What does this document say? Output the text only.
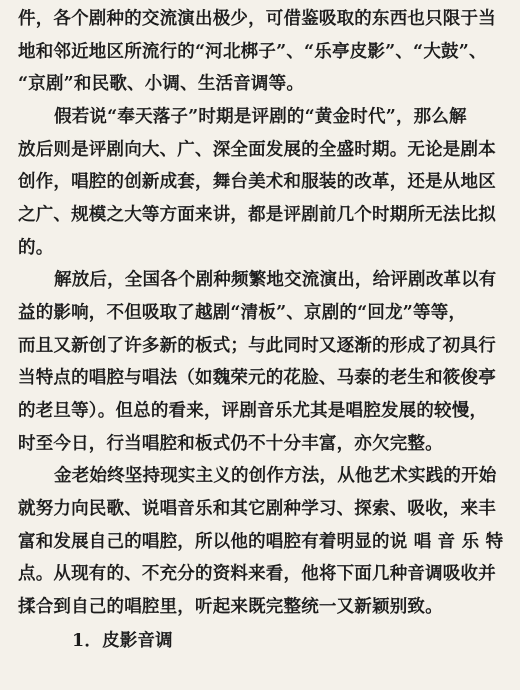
件，各个剧种的交流演出极少，可借鉴吸取的东西也只限于当
地和邻近地区所流行的“河北梆子”、“乐亭皮影”、“大鼓”、
“京剧”和民歌、小调、生活音调等。
假若说“奉天落子”时期是评剧的“黄金时代”，那么解
放后则是评剧向大、广、深全面发展的全盛时期。无论是剧本
创作，唱腔的创新成套，舞台美术和服装的改革，还是从地区
之广、规模之大等方面来讲，都是评剧前几个时期所无法比拟
的。
解放后，全国各个剧种频繁地交流演出，给评剧改革以有
益的影响，不但吸取了越剧“清板”、京剧的“回龙”等等，
而且又新创了许多新的板式；与此同时又逐渐的形成了初具行
当特点的唱腔与唱法（如魏荣元的花脸、马泰的老生和筱俊亭
的老旦等）。但总的看来，评剧音乐尤其是唱腔发展的较慢，
时至今日，行当唱腔和板式仍不十分丰富，亦欠完整。
金老始终坚持现实主义的创作方法，从他艺术实践的开始
就努力向民歌、说唱音乐和其它剧种学习、探索、吸收，来丰
富和发展自己的唱腔，所以他的唱腔有着明显的说 唱 音 乐 特
点。从现有的、不充分的资料来看，他将下面几种音调吸收并
揉合到自己的唱腔里，听起来既完整统一又新颖别致。
1．皮影音调
